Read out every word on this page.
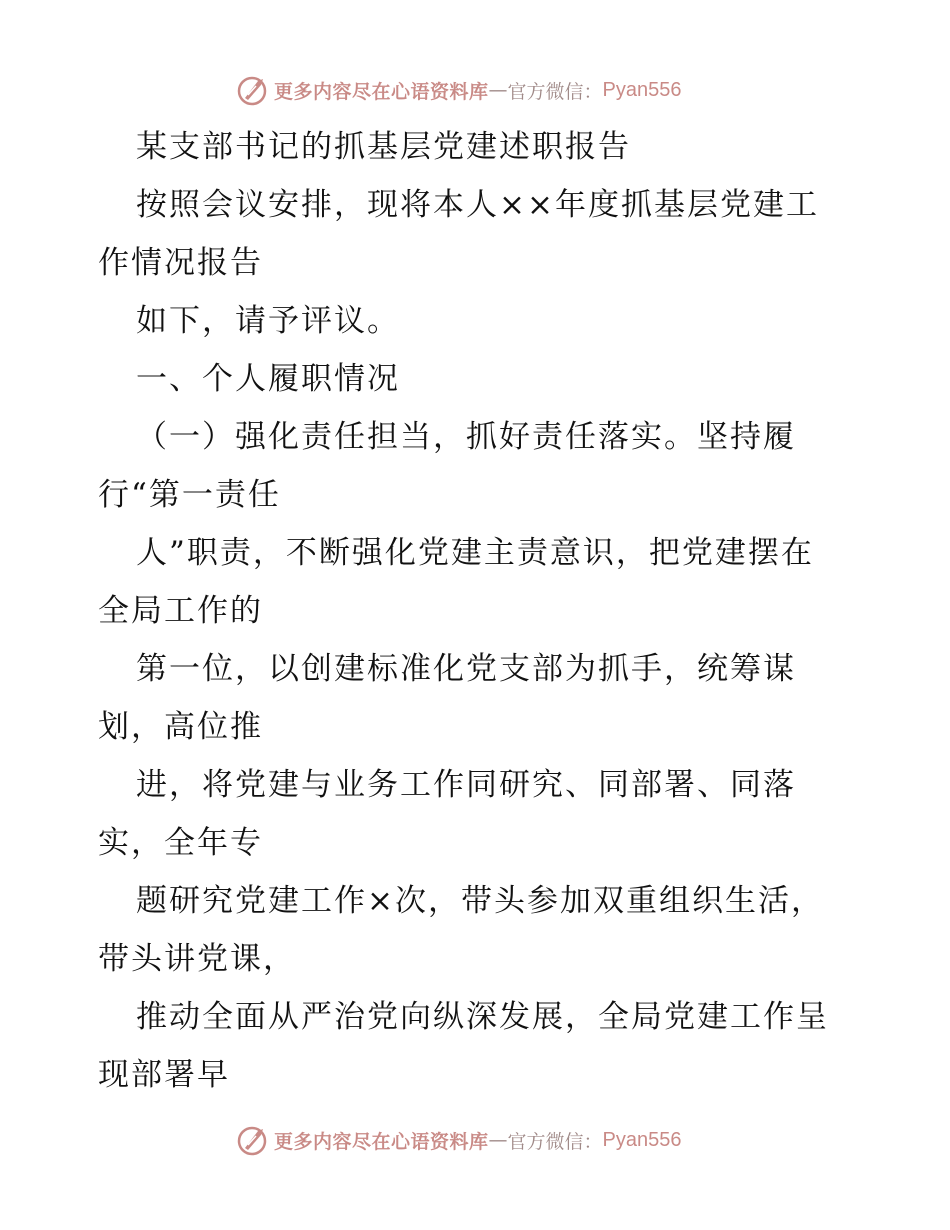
更多内容尽在心语资料库 — 官方微信： Pyan556
某支部书记的抓基层党建述职报告
按照会议安排，现将本人××年度抓基层党建工
作情况报告
如下，请予评议。
一、个人履职情况
（一）强化责任担当，抓好责任落实。坚持履
行“第一责任
人”职责，不断强化党建主责意识，把党建摆在
全局工作的
第一位，以创建标准化党支部为抓手，统筹谋
划，高位推
进，将党建与业务工作同研究、同部署、同落
实，全年专
题研究党建工作×次，带头参加双重组织生活，
带头讲党课，
推动全面从严治党向纵深发展，全局党建工作呈
现部署早
更多内容尽在心语资料库 — 官方微信： Pyan556
